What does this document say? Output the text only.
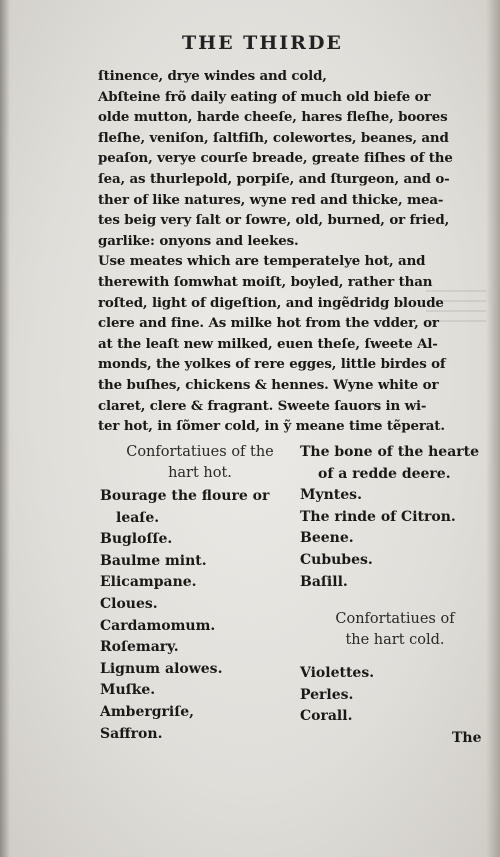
THE THIRDE
ſtinence, drye windes and cold,
Abſteine frõ daily eating of much old biefe or
olde mutton, harde cheeſe, hares fleſhe, boores
fleſhe, veniſon, ſaltfiſh, colewortes, beanes, and
peaſon, verye courſe breade, greate fiſhes of the
ſea, as thurlepold, porpiſe, and ſturgeon, and o-
ther of like natures, wyne red and thicke, mea-
tes beig very ſalt or ſowre, old, burned, or fried,
garlike: onyons and leekes.
Use meates which are temperatelye hot, and
therewith ſomwhat moiſt, boyled, rather than
roſted, light of digeſtion, and ingẽdridg bloude
clere and fine. As milke hot from the vdder, or
at the leaſt new milked, euen theſe, ſweete Al-
monds, the yolkes of rere egges, little birdes of
the buſhes, chickens & hennes. Wyne white or
claret, clere & fragrant. Sweete ſauors in wi-
ter hot, in ſõmer cold, in ỹ meane time tẽperat.
Confortatiues of the
hart hot.
Bourage the floure or
leaſe.
Bugloſſe.
Baulme mint.
Elicampane.
Cloues.
Cardamomum.
Roſemary.
Lignum alowes.
Muſke.
Ambergriſe,
Saffron.
The bone of the hearte
of a redde deere.
Myntes.
The rinde of Citron.
Beene.
Cububes.
Baſill.
Confortatiues of
the hart cold.
Violettes.
Perles.
Corall.
The
